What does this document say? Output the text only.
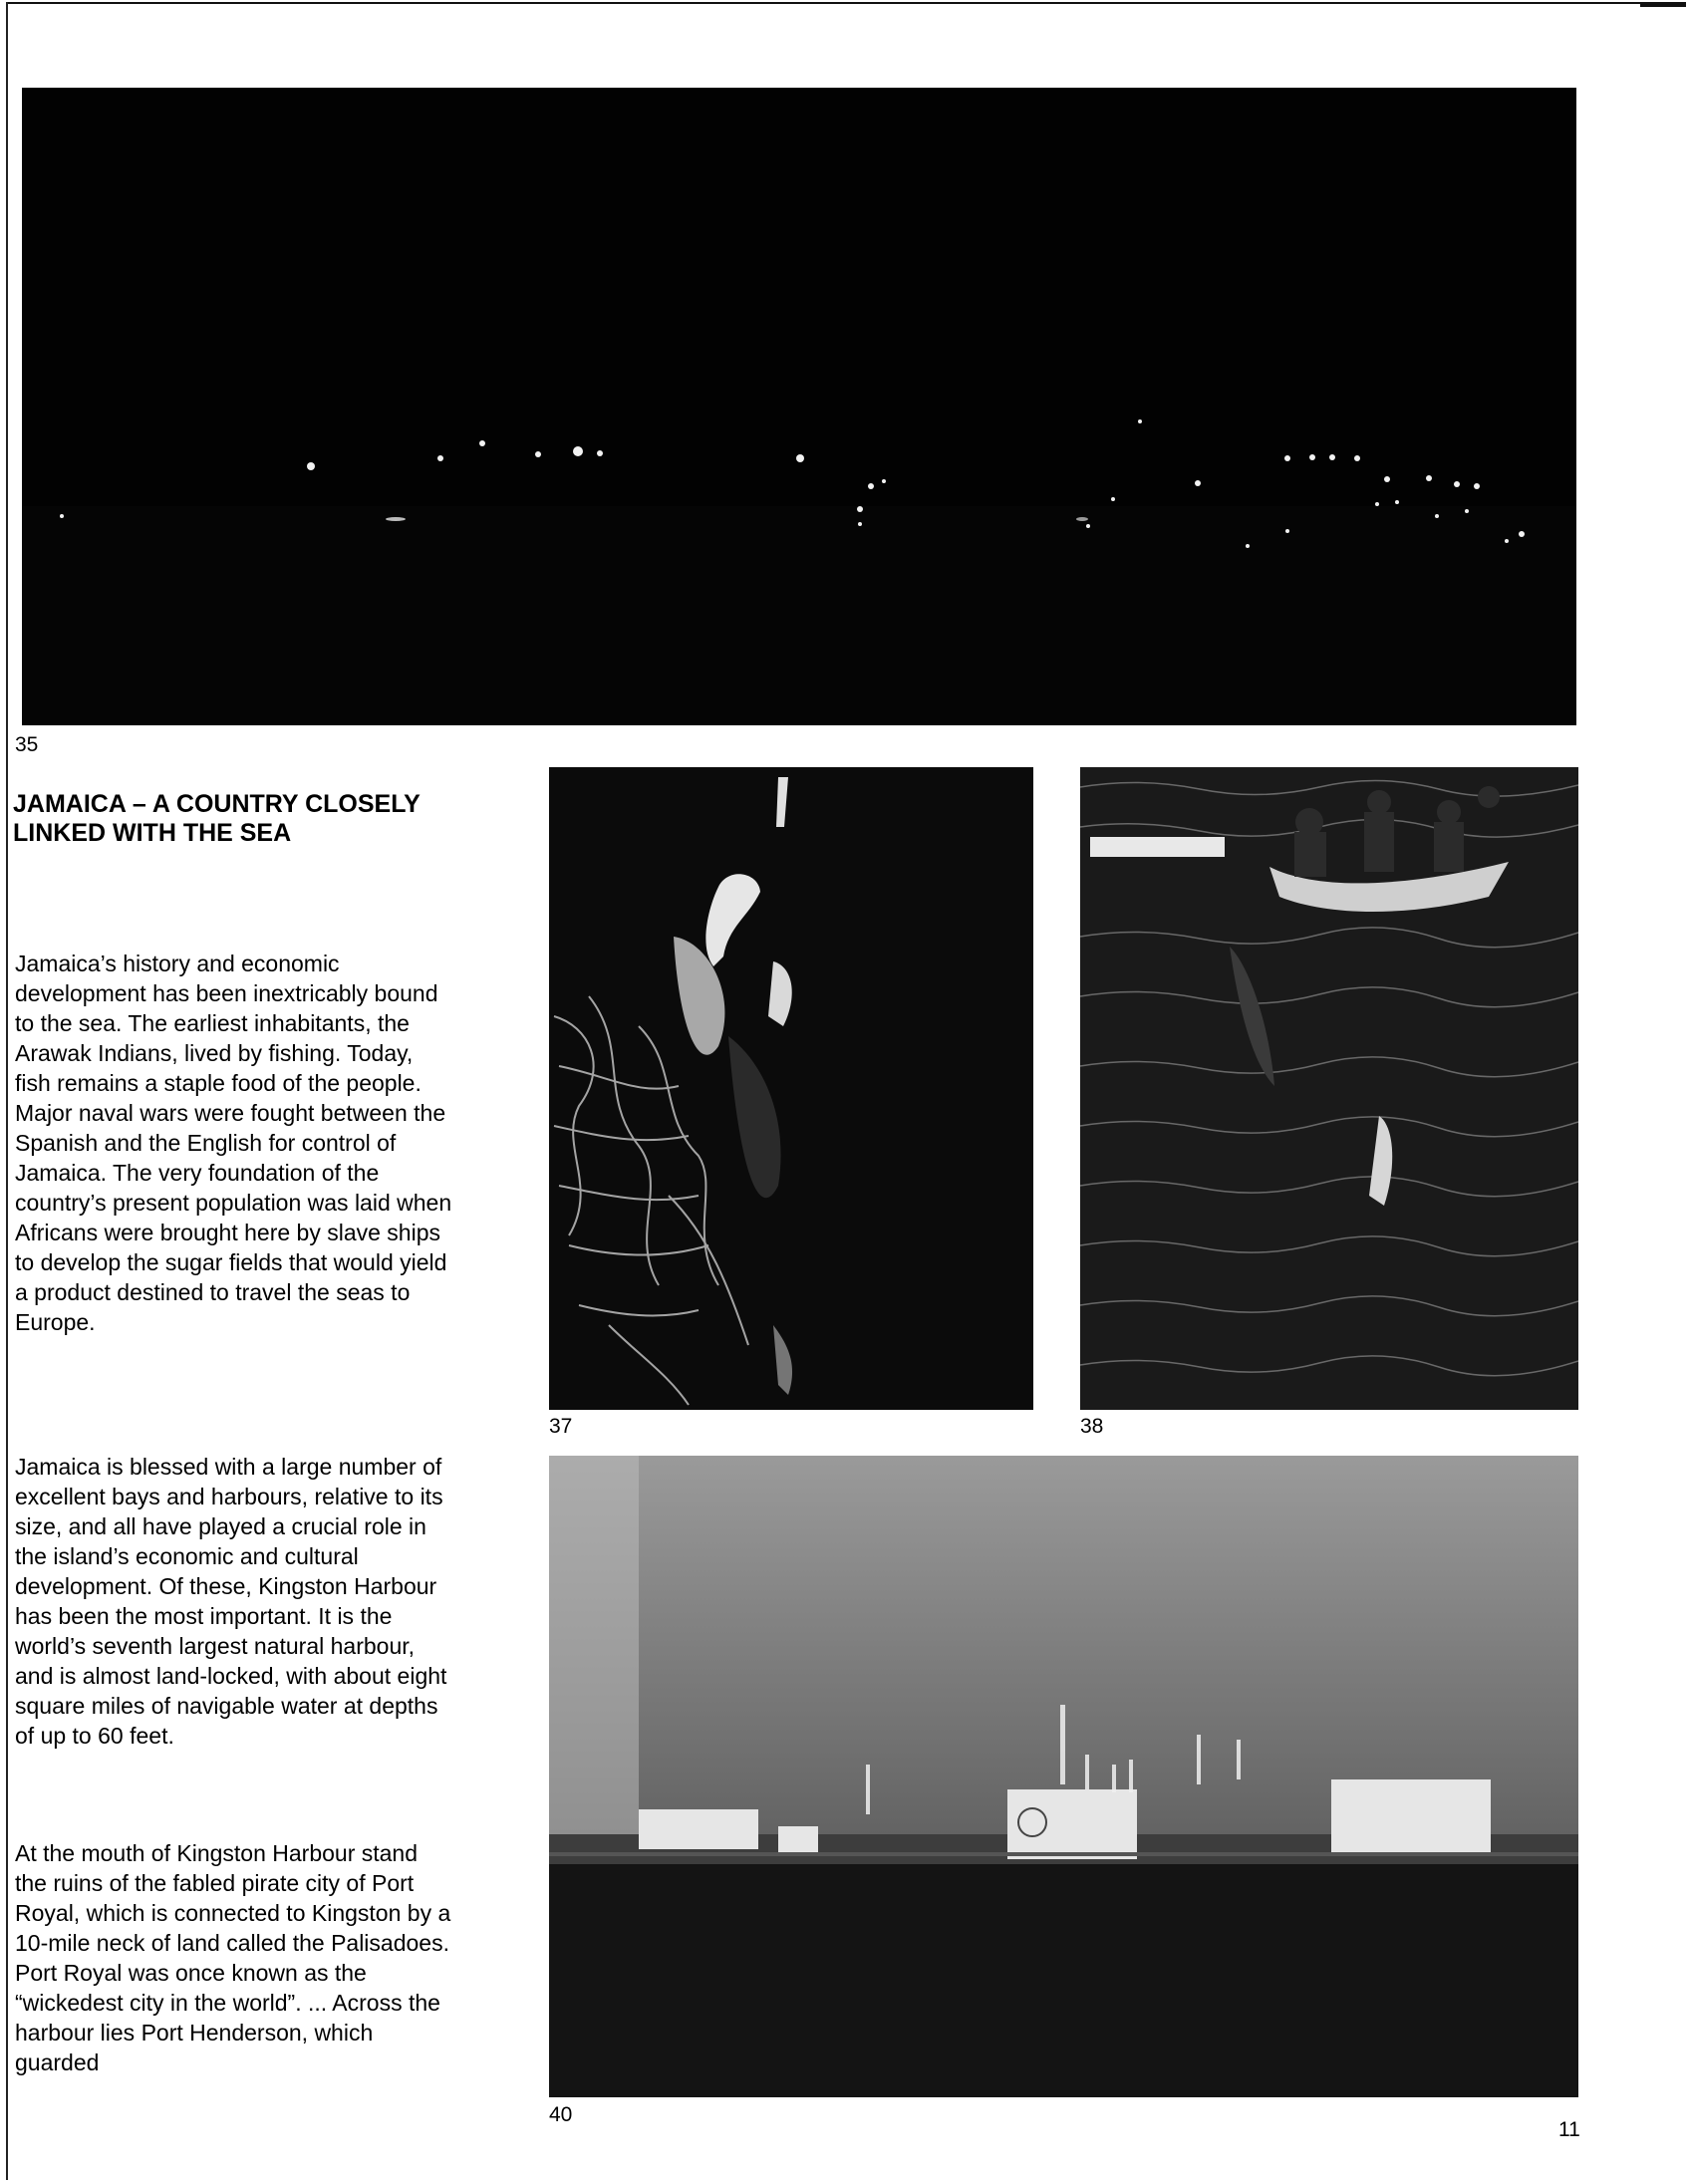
35
JAMAICA – A COUNTRY CLOSELY LINKED WITH THE SEA

Jamaica’s history and economic development has been inextricably bound to the sea. The earliest inhabitants, the Arawak Indians, lived by fishing. Today, fish remains a staple food of the people. Major naval wars were fought between the Spanish and the English for control of Jamaica. The very foundation of the country’s present population was laid when Africans were brought here by slave ships to develop the sugar fields that would yield a product destined to travel the seas to Europe.

Jamaica is blessed with a large number of excellent bays and harbours, relative to its size, and all have played a crucial role in the island’s economic and cultural development. Of these, Kingston Harbour has been the most important. It is the world’s seventh largest natural harbour, and is almost land-locked, with about eight square miles of navigable water at depths of up to 60 feet.

At the mouth of Kingston Harbour stand the ruins of the fabled pirate city of Port Royal, which is connected to Kingston by a 10-mile neck of land called the Palisadoes. Port Royal was once known as the “wickedest city in the world”. ... Across the harbour lies Port Henderson, which guarded

37	38
40
11
